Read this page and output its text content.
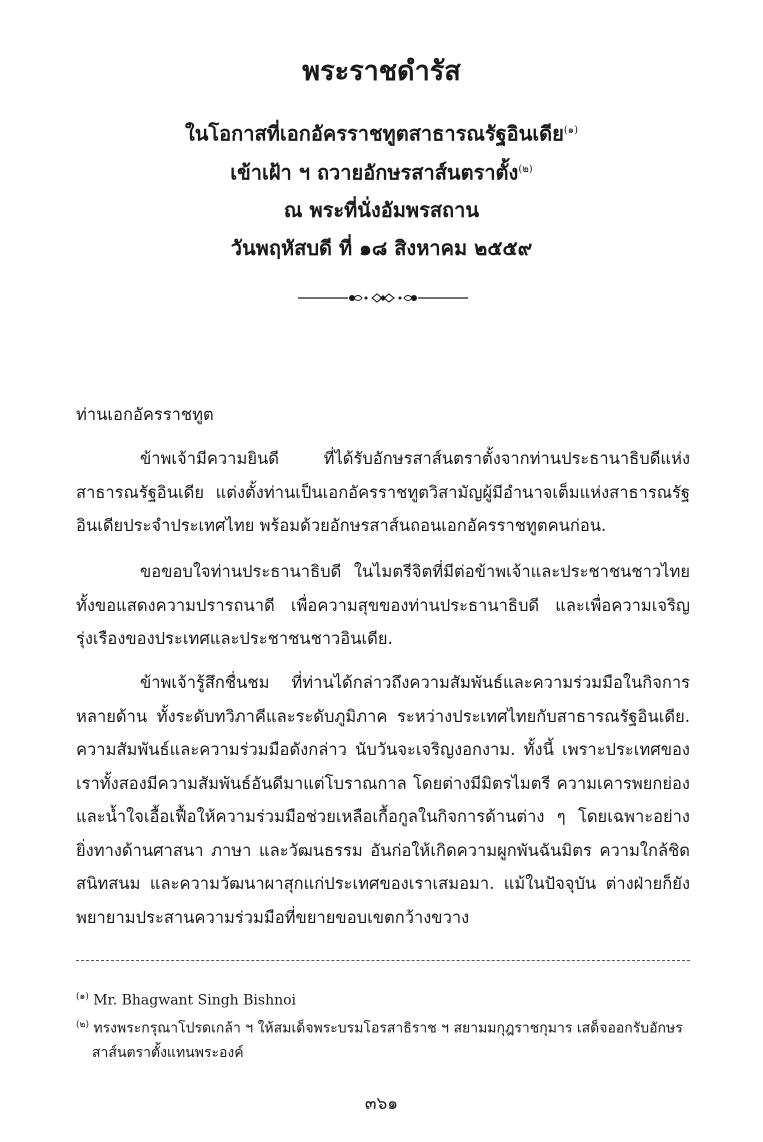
พระราชดำรัส
ในโอกาสที่เอกอัครราชทูตสาธารณรัฐอินเดีย$^{(๑)}$
เข้าเฝ้า ฯ ถวายอักษรสาส์นตราตั้ง$^{(๒)}$
ณ พระที่นั่งอัมพรสถาน
วันพฤหัสบดี ที่ ๑๘ สิงหาคม ๒๕๕๙
ท่านเอกอัครราชทูต
ข้าพเจ้ามีความยินดี ที่ได้รับอักษรสาส์นตราตั้งจากท่านประธานาธิบดีแห่งสาธารณรัฐอินเดีย แต่งตั้งท่านเป็นเอกอัครราชทูตวิสามัญผู้มีอำนาจเต็มแห่งสาธารณรัฐอินเดียประจำประเทศไทย พร้อมด้วยอักษรสาส์นถอนเอกอัครราชทูตคนก่อน.
ขอขอบใจท่านประธานาธิบดี ในไมตรีจิตที่มีต่อข้าพเจ้าและประชาชนชาวไทย ทั้งขอแสดงความปรารถนาดี เพื่อความสุขของท่านประธานาธิบดี และเพื่อความเจริญรุ่งเรืองของประเทศและประชาชนชาวอินเดีย.
ข้าพเจ้ารู้สึกชื่นชม ที่ท่านได้กล่าวถึงความสัมพันธ์และความร่วมมือในกิจการหลายด้าน ทั้งระดับทวิภาคีและระดับภูมิภาค ระหว่างประเทศไทยกับสาธารณรัฐอินเดีย. ความสัมพันธ์และความร่วมมือดังกล่าว นับวันจะเจริญงอกงาม. ทั้งนี้ เพราะประเทศของเราทั้งสองมีความสัมพันธ์อันดีมาแต่โบราณกาล โดยต่างมีมิตรไมตรี ความเคารพยกย่อง และน้ำใจเอื้อเฟื้อให้ความร่วมมือช่วยเหลือเกื้อกูลในกิจการด้านต่าง ๆ โดยเฉพาะอย่างยิ่งทางด้านศาสนา ภาษา และวัฒนธรรม อันก่อให้เกิดความผูกพันฉันมิตร ความใกล้ชิดสนิทสนม และความวัฒนาผาสุกแก่ประเทศของเราเสมอมา. แม้ในปัจจุบัน ต่างฝ่ายก็ยังพยายามประสานความร่วมมือที่ขยายขอบเขตกว้างขวาง
$^{(๑)}$ Mr. Bhagwant Singh Bishnoi
$^{(๒)}$ ทรงพระกรุณาโปรดเกล้า ฯ ให้สมเด็จพระบรมโอรสาธิราช ฯ สยามมกุฎราชกุมาร เสด็จออกรับอักษรสาส์นตราตั้งแทนพระองค์
๓๖๑
